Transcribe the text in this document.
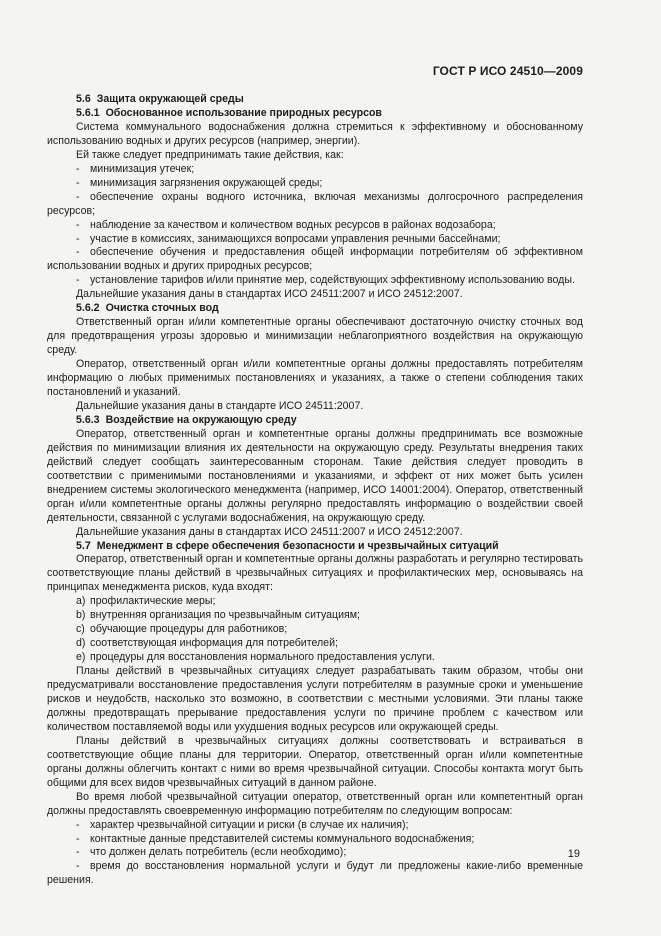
ГОСТ Р ИСО 24510—2009

5.6 Защита окружающей среды

5.6.1 Обоснованное использование природных ресурсов

Система коммунального водоснабжения должна стремиться к эффективному и обоснованному использованию водных и других ресурсов (например, энергии).

Ей также следует предпринимать такие действия, как:

- минимизация утечек;

- минимизация загрязнения окружающей среды;

- обеспечение охраны водного источника, включая механизмы долгосрочного распределения ресурсов;

- наблюдение за качеством и количеством водных ресурсов в районах водозабора;

- участие в комиссиях, занимающихся вопросами управления речными бассейнами;

- обеспечение обучения и предоставления общей информации потребителям об эффективном использовании водных и других природных ресурсов;

- установление тарифов и/или принятие мер, содействующих эффективному использованию воды.

Дальнейшие указания даны в стандартах ИСО 24511:2007 и ИСО 24512:2007.

5.6.2 Очистка сточных вод

Ответственный орган и/или компетентные органы обеспечивают достаточную очистку сточных вод для предотвращения угрозы здоровью и минимизации неблагоприятного воздействия на окружающую среду.

Оператор, ответственный орган и/или компетентные органы должны предоставлять потребителям информацию о любых применимых постановлениях и указаниях, а также о степени соблюдения таких постановлений и указаний.

Дальнейшие указания даны в стандарте ИСО 24511:2007.

5.6.3 Воздействие на окружающую среду

Оператор, ответственный орган и компетентные органы должны предпринимать все возможные действия по минимизации влияния их деятельности на окружающую среду. Результаты внедрения таких действий следует сообщать заинтересованным сторонам. Такие действия следует проводить в соответствии с применимыми постановлениями и указаниями, и эффект от них может быть усилен внедрением системы экологического менеджмента (например, ИСО 14001:2004). Оператор, ответственный орган и/или компетентные органы должны регулярно предоставлять информацию о воздействии своей деятельности, связанной с услугами водоснабжения, на окружающую среду.

Дальнейшие указания даны в стандартах ИСО 24511:2007 и ИСО 24512:2007.

5.7 Менеджмент в сфере обеспечения безопасности и чрезвычайных ситуаций

Оператор, ответственный орган и компетентные органы должны разработать и регулярно тестировать соответствующие планы действий в чрезвычайных ситуациях и профилактических мер, основываясь на принципах менеджмента рисков, куда входят:

a) профилактические меры;

b) внутренняя организация по чрезвычайным ситуациям;

c) обучающие процедуры для работников;

d) соответствующая информация для потребителей;

e) процедуры для восстановления нормального предоставления услуги.

Планы действий в чрезвычайных ситуациях следует разрабатывать таким образом, чтобы они предусматривали восстановление предоставления услуги потребителям в разумные сроки и уменьшение рисков и неудобств, насколько это возможно, в соответствии с местными условиями. Эти планы также должны предотвращать прерывание предоставления услуги по причине проблем с качеством или количеством поставляемой воды или ухудшения водных ресурсов или окружающей среды.

Планы действий в чрезвычайных ситуациях должны соответствовать и встраиваться в соответствующие общие планы для территории. Оператор, ответственный орган и/или компетентные органы должны облегчить контакт с ними во время чрезвычайной ситуации. Способы контакта могут быть общими для всех видов чрезвычайных ситуаций в данном районе.

Во время любой чрезвычайной ситуации оператор, ответственный орган или компетентный орган должны предоставлять своевременную информацию потребителям по следующим вопросам:

- характер чрезвычайной ситуации и риски (в случае их наличия);

- контактные данные представителей системы коммунального водоснабжения;

- что должен делать потребитель (если необходимо);

- время до восстановления нормальной услуги и будут ли предложены какие-либо временные решения.

19
